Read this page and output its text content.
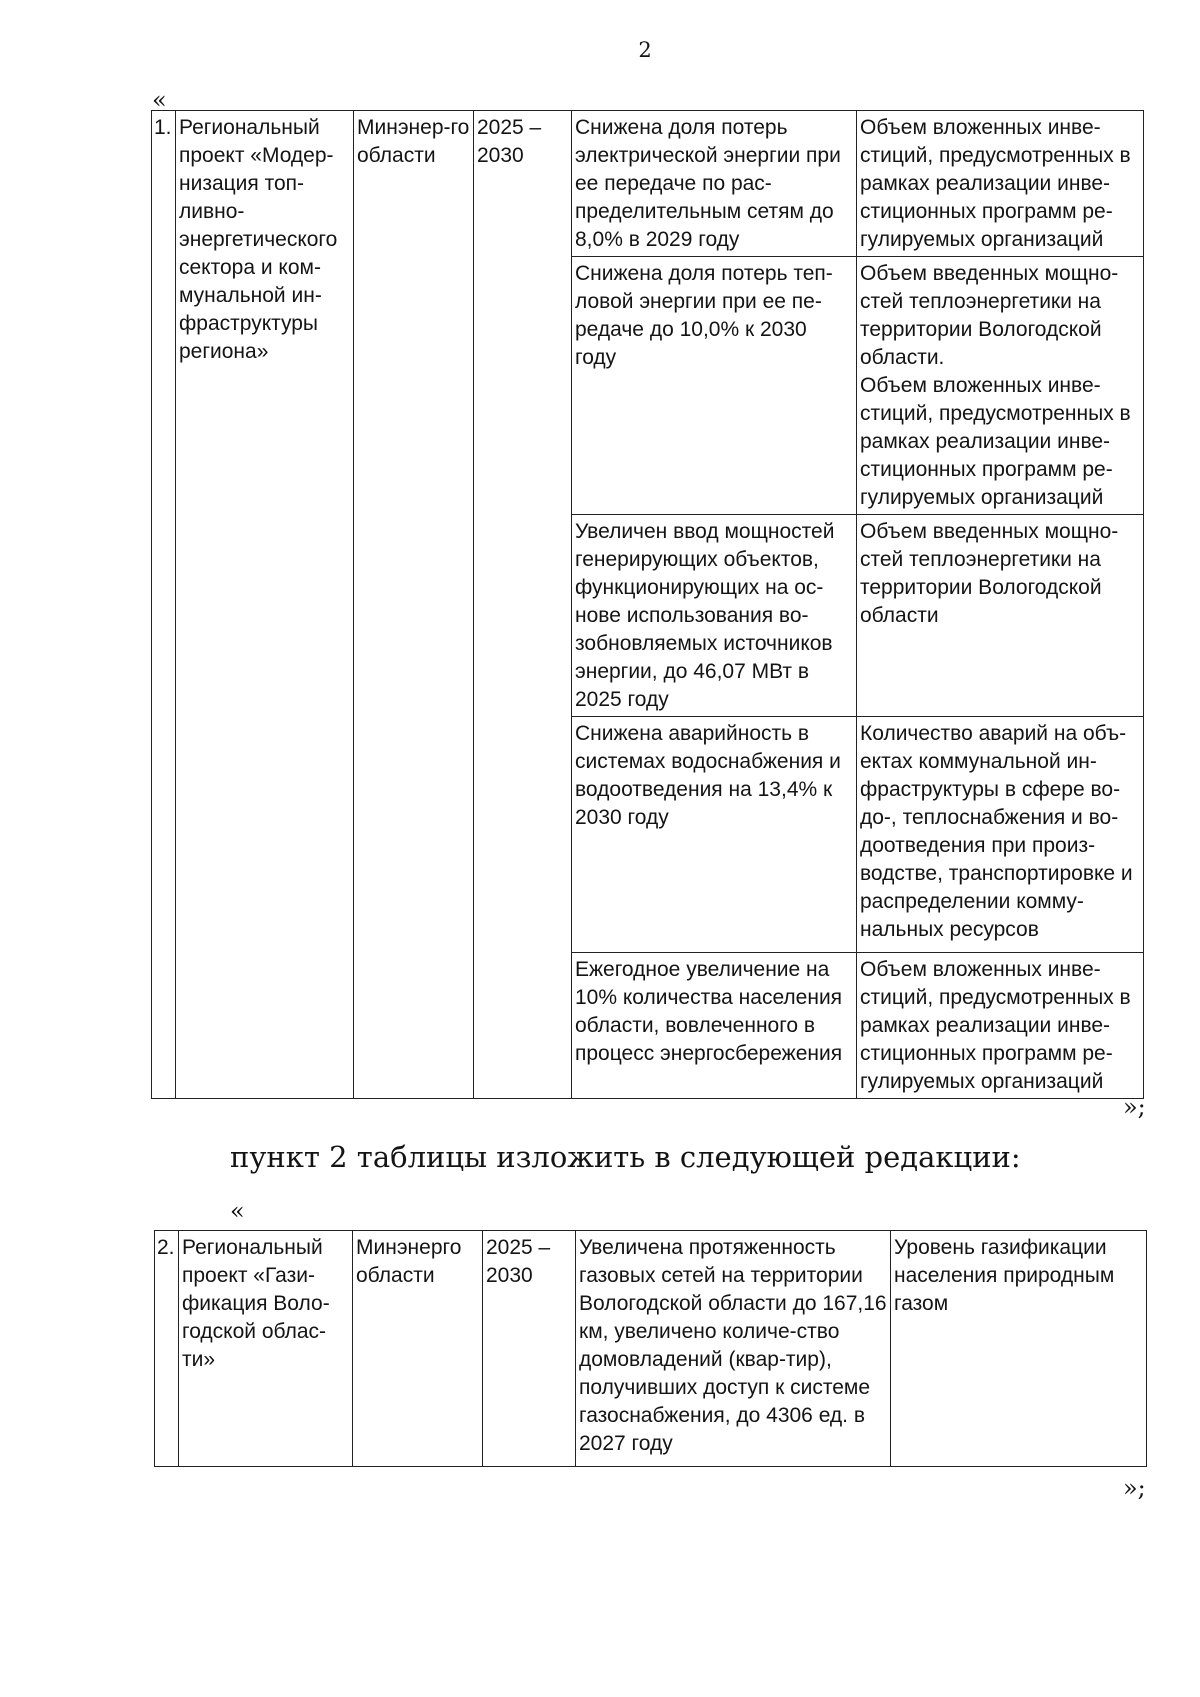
2
«
1.	Региональный проект «Модер-низация топ-ливно-энергетического сектора и ком-мунальной ин-фраструктуры региона»	Минэнер-го области	2025 – 2030	Снижена доля потерь электрической энергии при ее передаче по рас-пределительным сетям до 8,0% в 2029 году	Объем вложенных инве-стиций, предусмотренных в рамках реализации инве-стиционных программ ре-гулируемых организаций
				Снижена доля потерь теп-ловой энергии при ее пе-редаче до 10,0% к 2030 году	Объем введенных мощно-стей теплоэнергетики на территории Вологодской области.
Объем вложенных инве-стиций, предусмотренных в рамках реализации инве-стиционных программ ре-гулируемых организаций

				Увеличен ввод мощностей генерирующих объектов, функционирующих на ос-нове использования во-зобновляемых источников энергии, до 46,07 МВт в 2025 году	Объем введенных мощно-стей теплоэнергетики на территории Вологодской области
				Снижена аварийность в системах водоснабжения и водоотведения на 13,4% к 2030 году	Количество аварий на объ-ектах коммунальной ин-фраструктуры в сфере во-до-, теплоснабжения и во-доотведения при произ-водстве, транспортировке и распределении комму-нальных ресурсов
				Ежегодное увеличение на 10% количества населения области, вовлеченного в процесс энергосбережения	Объем вложенных инве-стиций, предусмотренных в рамках реализации инве-стиционных программ ре-гулируемых организаций
»;
пункт 2 таблицы изложить в следующей редакции:
«
2.	Региональный проект «Гази-фикация Воло-годской облас-ти»	Минэнерго области	2025 – 2030	Увеличена протяженность газовых сетей на территории Вологодской области до 167,16 км, увеличено количе-ство домовладений (квар-тир), получивших доступ к системе газоснабжения, до 4306 ед. в 2027 году	Уровень газификации населения природным газом
»;
